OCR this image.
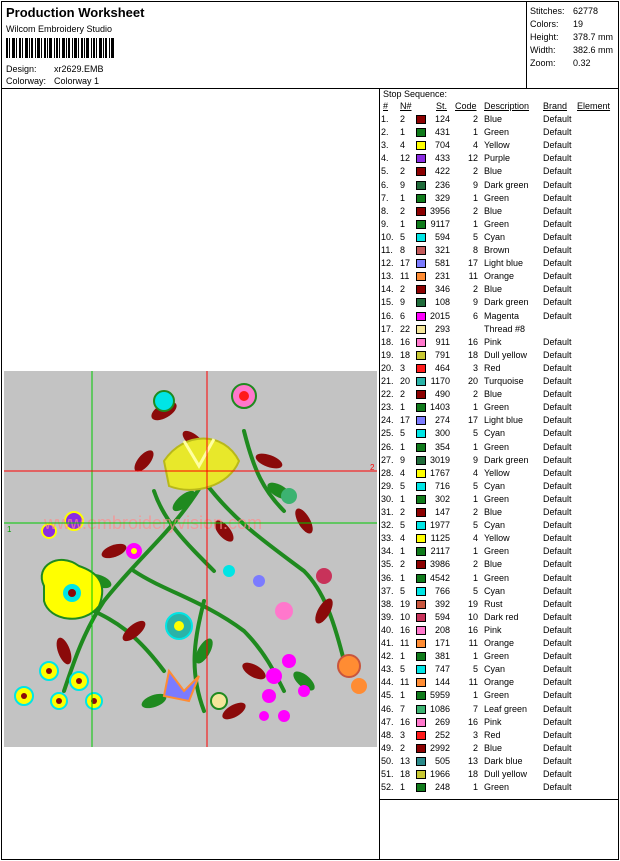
Production Worksheet
Wilcom Embroidery Studio
Design: xr2629.EMB
Colorway: Colorway 1
Stitches: 62778
Colors: 19
Height: 378.7 mm
Width: 382.6 mm
Zoom: 0.32
www.embroideryvision.com
1
2
Stop Sequence:
# N#	St. Code Description Brand Element
1. 2	124	2 Blue	Default
2. 1	431	1 Green	Default
3. 4	704	4 Yellow	Default
4. 12	433 12 Purple	Default
5. 2	422	2 Blue	Default
6. 9	236	9 Dark green Default
7. 1	329	1 Green	Default
8. 2	3956	2 Blue	Default
9. 1	9117	1 Green	Default
10. 5	594	5 Cyan	Default
11. 8	321	8 Brown	Default
12. 17	581 17 Light blue Default
13. 11	231 11 Orange	Default
14. 2	346	2 Blue	Default
15. 9	108	9 Dark green Default
16. 6	2015	6 Magenta	Default
17. 22	293	Thread #8
18. 16	911 16 Pink	Default
19. 18	791 18 Dull yellow Default
20. 3	464	3 Red	Default
21. 20 1170 20 Turquoise Default
22. 2	490	2 Blue	Default
23. 1	1403	1 Green	Default
24. 17	274 17 Light blue Default
25. 5	300	5 Cyan	Default
26. 1	354	1 Green	Default
27. 9	3019	9 Dark green Default
28. 4	1767	4 Yellow	Default
29. 5	716	5 Cyan	Default
30. 1	302	1 Green	Default
31. 2	147	2 Blue	Default
32. 5	1977	5 Cyan	Default
33. 4	1125	4 Yellow	Default
34. 1	2117	1 Green	Default
35. 2	3986	2 Blue	Default
36. 1	4542	1 Green	Default
37. 5	766	5 Cyan	Default
38. 19	392 19 Rust	Default
39. 10	594 10 Dark red	Default
40. 16	208 16 Pink	Default
41. 11	171 11 Orange	Default
42. 1	381	1 Green	Default
43. 5	747	5 Cyan	Default
44. 11	144 11 Orange	Default
45. 1	5959	1 Green	Default
46. 7	1086	7 Leaf green Default
47. 16	269 16 Pink	Default
48. 3	252	3 Red	Default
49. 2	2992	2 Blue	Default
50. 13	505 13 Dark blue Default
51. 18 1966 18 Dull yellow Default
52. 1	248	1 Green	Default
